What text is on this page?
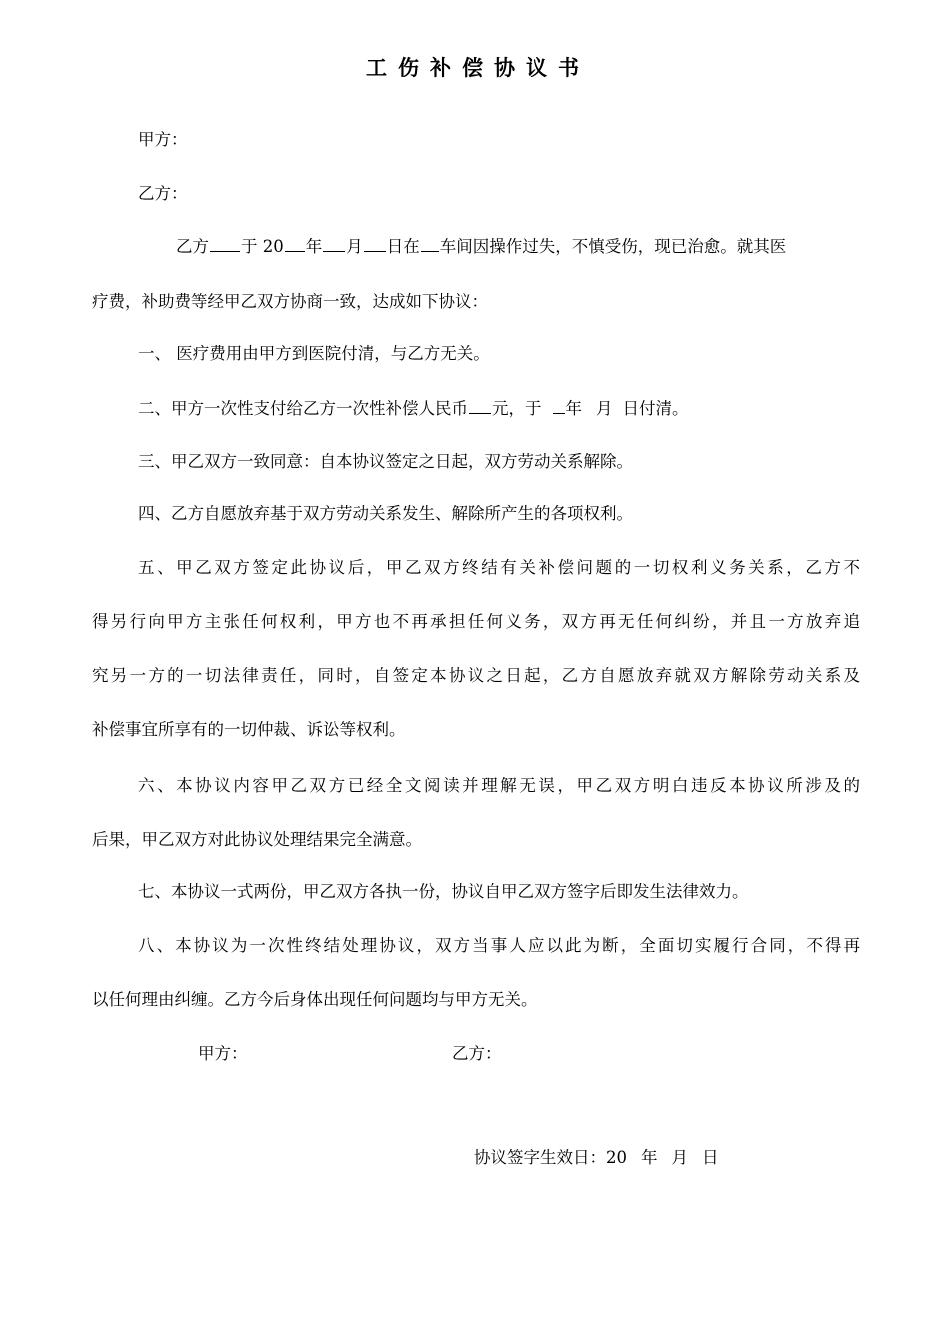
工伤补偿协议书
甲方：
乙方：
乙方 于 20 年 月 日在 车间因操作过失，不慎受伤，现已治愈。就其医
疗费，补助费等经甲乙双方协商一致，达成如下协议：
一、 医疗费用由甲方到医院付清，与乙方无关。
二、甲方一次性支付给乙方一次性补偿人民币 元，于 年 月 日付清。
三、甲乙双方一致同意：自本协议签定之日起，双方劳动关系解除。
四、乙方自愿放弃基于双方劳动关系发生、解除所产生的各项权利。
五、甲乙双方签定此协议后，甲乙双方终结有关补偿问题的一切权利义务关系，乙方不
得另行向甲方主张任何权利，甲方也不再承担任何义务，双方再无任何纠纷，并且一方放弃追
究另一方的一切法律责任，同时，自签定本协议之日起，乙方自愿放弃就双方解除劳动关系及
补偿事宜所享有的一切仲裁、诉讼等权利。
六、本协议内容甲乙双方已经全文阅读并理解无误，甲乙双方明白违反本协议所涉及的
后果，甲乙双方对此协议处理结果完全满意。
七、本协议一式两份，甲乙双方各执一份，协议自甲乙双方签字后即发生法律效力。
八、本协议为一次性终结处理协议，双方当事人应以此为断，全面切实履行合同，不得再
以任何理由纠缠。乙方今后身体出现任何问题均与甲方无关。
甲方：	乙方：
协议签字生效日：20 年 月 日
